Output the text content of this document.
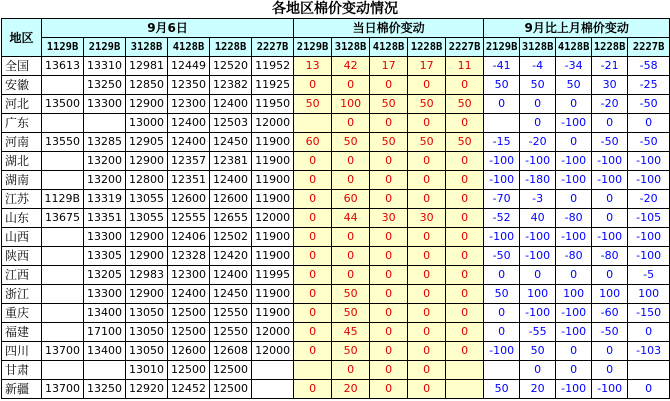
各地区棉价变动情况
地区	9月6日						当日棉价变动					9月比上月棉价变动				
	1129B	2129B	3128B	4128B	1228B	2227B	2129B	3128B	4128B	1228B	2227B	2129B	3128B	4128B	1228B	2227B
全国	13613	13310	12981	12449	12520	11952	13	42	17	17	11	-41	-4	-34	-21	-58
安徽		13250	12850	12350	12382	11925	0	0	0	0	0	50	50	50	30	-25
河北	13500	13300	12900	12300	12400	11950	50	100	50	50	50	0	0	0	-20	-50
广东			13000	12400	12503	12000		0	0	0	0		0	-100	0	0
河南	13550	13285	12905	12400	12450	11900	60	50	50	50	50	-15	-20	0	-50	-50
湖北		13200	12900	12357	12381	11900	0	0	0	0	0	-100	-100	-100	-100	-100
湖南		13200	12800	12351	12400	11900	0	0	0	0	0	-100	-180	-100	-100	-100
江苏	1129B	13319	13055	12600	12600	11900	0	60	0	0	0	-70	-3	0	0	-20
山东	13675	13351	13055	12555	12655	12000	0	44	30	30	0	-52	40	-80	0	-105
山西		13300	12900	12406	12502	11900	0	0	0	0	0	-100	-100	-100	-100	-100
陕西		13305	12900	12328	12420	11900	0	0	0	0	0	-50	-100	-80	-80	-100
江西		13205	12983	12300	12400	11995	0	0	0	0	0	0	0	0	0	-5
浙江		13300	12900	12400	12450	11900	0	50	0	0	0	50	100	100	100	100
重庆		13400	13050	12500	12550	11900	0	50	0	0	0	0	-100	-100	-60	-150
福建		17100	13050	12500	12550	12000	0	45	0	0	0	0	-55	-100	-50	0
四川	13700	13400	13050	12600	12608	12000	0	50	0	0	0	-100	50	0	0	-103
甘肃			13010	12500	12500			0	0	0			0	0	0	
新疆	13700	13250	12920	12452	12500		0	20	0	0		50	20	-100	-100	0
